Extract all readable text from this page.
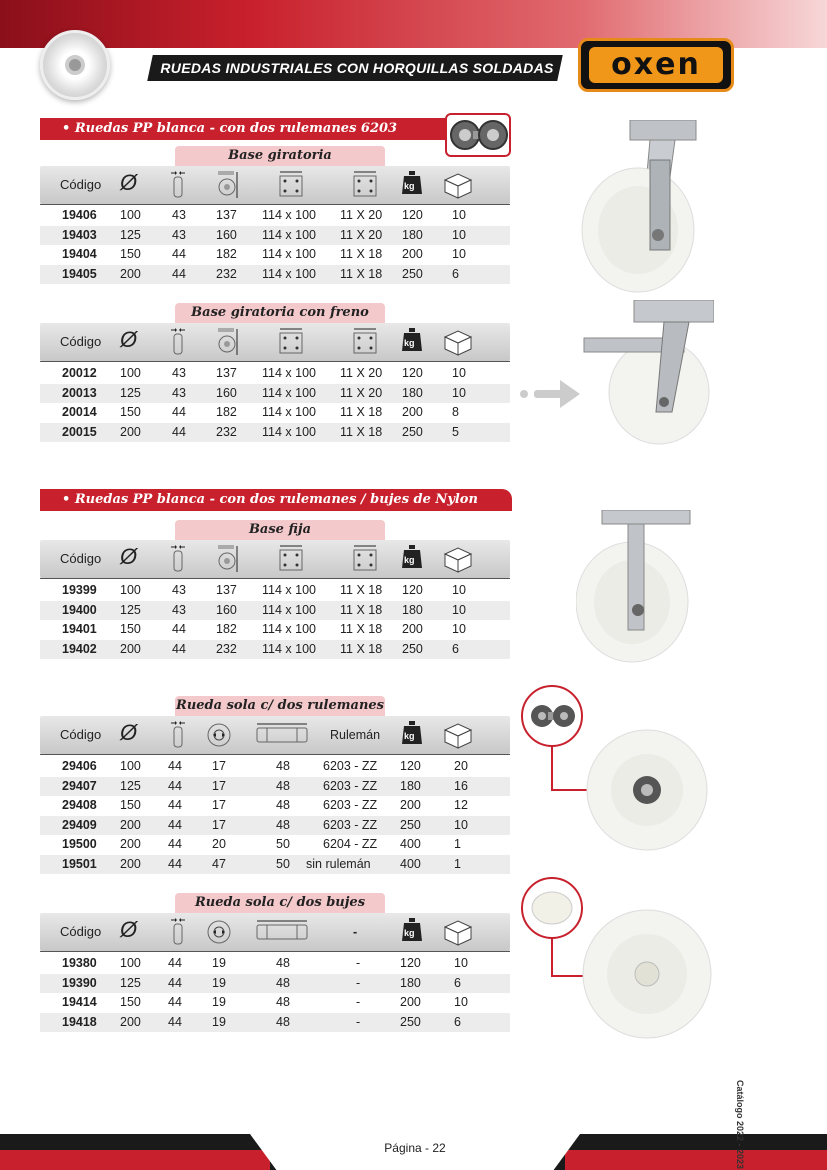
RUEDAS INDUSTRIALES CON HORQUILLAS SOLDADAS	oxen
• Ruedas PP blanca - con dos rulemanes 6203
Base giratoria
Código Ø	kg
19406 100 43 137 114 x 100 11 X 20 120 10
19403 125 43 160 114 x 100 11 X 20 180 10
19404 150 44 182 114 x 100 11 X 18 200 10
19405 200 44 232 114 x 100 11 X 18 250 6
Base giratoria con freno
Código Ø	kg
20012 100 43 137 114 x 100 11 X 20 120 10
20013 125 43 160 114 x 100 11 X 20 180 10
20014 150 44 182 114 x 100 11 X 18 200 8
20015 200 44 232 114 x 100 11 X 18 250 5
Base fija
Código Ø	kg
19399 100 43 137 114 x 100 11 X 18 120 10
19400 125 43 160 114 x 100 11 X 18 180 10
19401 150 44 182 114 x 100 11 X 18 200 10
19402 200 44 232 114 x 100 11 X 18 250 6
Rueda sola c/ dos rulemanes
Código Ø	kg
Rulemán
29406 100 44 17	48	6203 - ZZ 120	20
29407 125 44 17	48	6203 - ZZ 180	16
29408 150 44 17	48	6203 - ZZ 200	12
29409 200 44 17	48	6203 - ZZ 250	10
19500 200 44 20	50	6204 - ZZ 400	1
19501 200 44 47	50 sin rulemán 400	1
Rueda sola c/ dos bujes
Código Ø	kg
-
19380 100 44 19	48	-	120	10
19390 125 44 19	48	-	180	6
19414 150 44 19	48	-	200	10
19418 200 44 19	48	-	250	6
• Ruedas PP blanca - con dos rulemanes / bujes de Nylon
Página - 22	Catálogo 2022 - 2023
